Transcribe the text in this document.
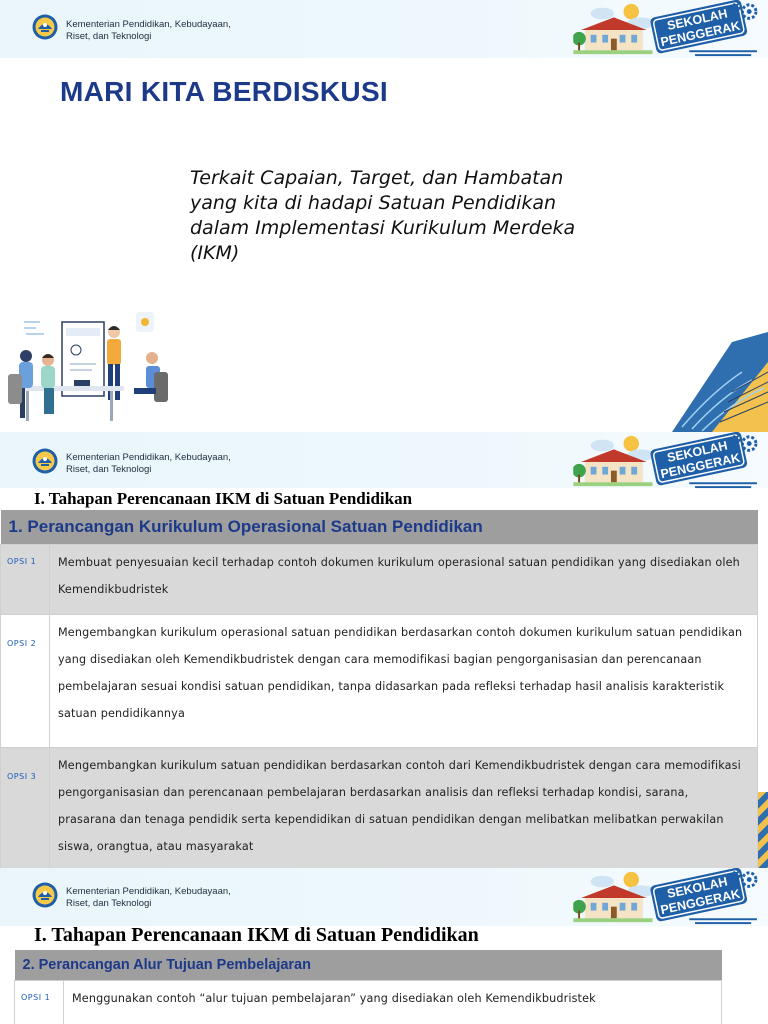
Kementerian Pendidikan, Kebudayaan,
Riset, dan Teknologi
MARI KITA BERDISKUSI
Terkait Capaian, Target, dan Hambatan yang kita di hadapi Satuan Pendidikan dalam Implementasi Kurikulum Merdeka (IKM)
Kementerian Pendidikan, Kebudayaan,
Riset, dan Teknologi
I. Tahapan Perencanaan IKM di Satuan Pendidikan
1. Perancangan Kurikulum Operasional Satuan Pendidikan	
OPSI 1	Membuat penyesuaian kecil terhadap contoh dokumen kurikulum operasional satuan pendidikan yang disediakan oleh Kemendikbudristek
OPSI 2	Mengembangkan kurikulum operasional satuan pendidikan berdasarkan contoh dokumen kurikulum satuan pendidikan yang disediakan oleh Kemendikbudristek dengan cara memodifikasi bagian pengorganisasian dan perencanaan pembelajaran sesuai kondisi satuan pendidikan, tanpa didasarkan pada refleksi terhadap hasil analisis karakteristik satuan pendidikannya
OPSI 3	Mengembangkan kurikulum satuan pendidikan berdasarkan contoh dari Kemendikbudristek dengan cara memodifikasi pengorganisasian dan perencanaan pembelajaran berdasarkan analisis dan refleksi terhadap kondisi, sarana, prasarana dan tenaga pendidik serta kependidikan di satuan pendidikan dengan melibatkan melibatkan perwakilan siswa, orangtua, atau masyarakat

Kementerian Pendidikan, Kebudayaan,
Riset, dan Teknologi
I. Tahapan Perencanaan IKM di Satuan Pendidikan
2. Perancangan Alur Tujuan Pembelajaran
OPSI 1	Menggunakan contoh “alur tujuan pembelajaran” yang disediakan oleh Kemendikbudristek
